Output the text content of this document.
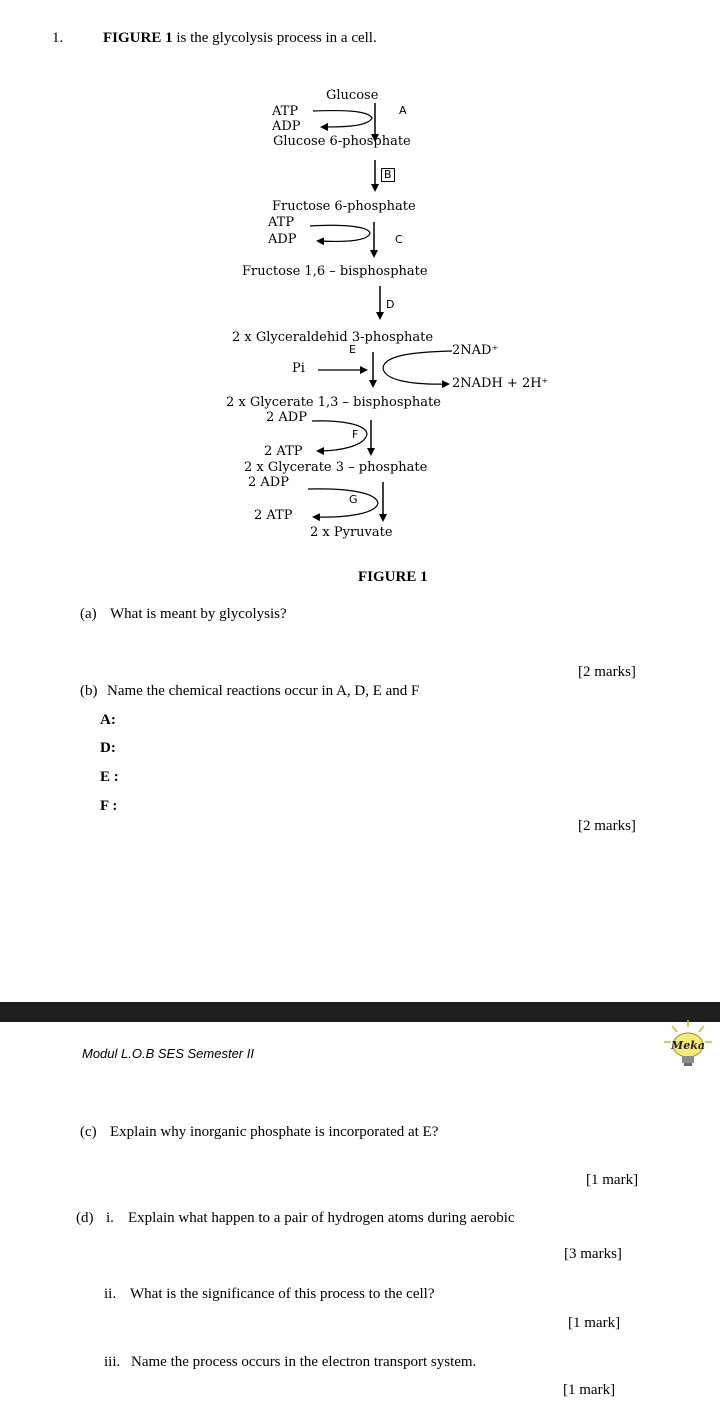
1.	FIGURE 1 is the glycolysis process in a cell.
Glucose
ATP
ADP
A
Glucose 6-phosphate
B
Fructose 6-phosphate
ATP
ADP	C
Fructose 1,6 – bisphosphate
D
2 x Glyceraldehid 3-phosphate
E	2NAD⁺
Pi
2NADH + 2H⁺
2 x Glycerate 1,3 – bisphosphate
2 ADP
F
2 ATP
2 x Glycerate 3 – phosphate
2 ADP
G
2 ATP
2 x Pyruvate
FIGURE 1
(a) What is meant by glycolysis?
[2 marks]
(b) Name the chemical reactions occur in A, D, E and F
A:
D:
E :
F :
[2 marks]
Modul L.O.B SES Semester II
Meka
(c) Explain why inorganic phosphate is incorporated at E?
[1 mark]
(d) i. Explain what happen to a pair of hydrogen atoms during aerobic
[3 marks]
ii. What is the significance of this process to the cell?
[1 mark]
iii. Name the process occurs in the electron transport system.
[1 mark]
